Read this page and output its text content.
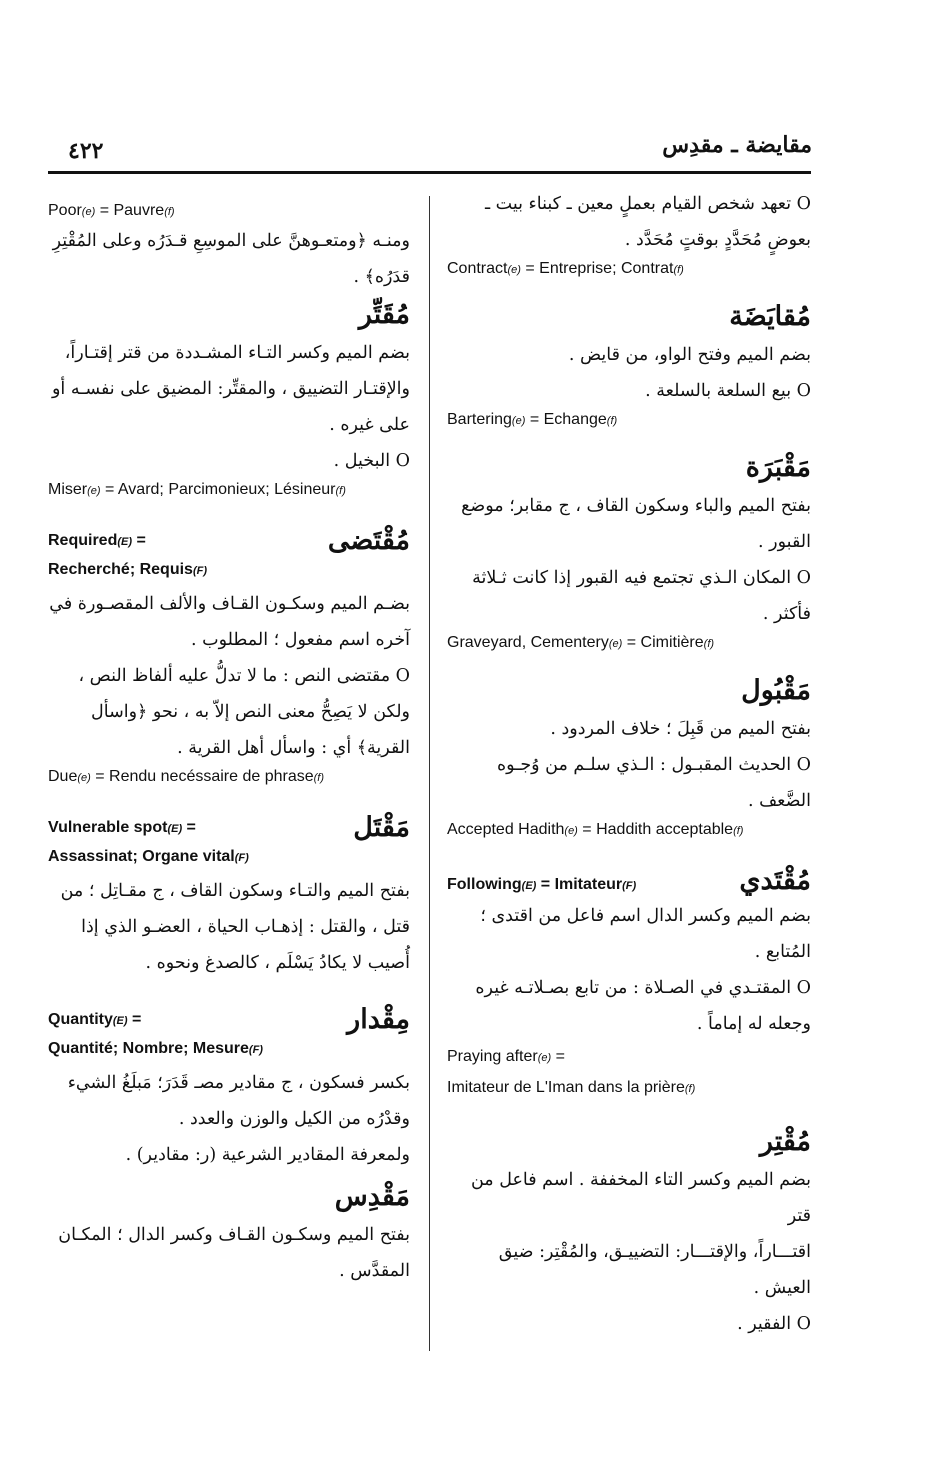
مقايضة ـ مقدِس
٤٢٢

O تعهد شخص القيام بعملٍ معين ـ كبناء بيت ـ

بعوضٍ مُحَدَّدٍ بوقتٍ مُحَدَّد .

Contract(e) = Entreprise; Contrat(f)

مُقايَضَة

بضم الميم وفتح الواو، من قايض .

O بيع السلعة بالسلعة .

Bartering(e) = Echange(f)

مَقْبَرَة

بفتح الميم والباء وسكون القاف ، ج مقابر؛ موضع

القبور .

O المكان الـذي تجتمع فيه القبور إذا كانت ثـلاثة

فأكثر .

Graveyard, Cementery(e) = Cimitière(f)

مَقْبُول

بفتح الميم من قَبِلَ ؛ خلاف المردود .

O الحديث المقبـول : الـذي سلـم من وُجـوه

الضَّعف .

Accepted Hadith(e) = Haddith acceptable(f)

Following(E) = Imitateur(F)	مُقْتَدي

بضم الميم وكسر الدال اسم فاعل من اقتدى ؛

المُتابع .

O المقتـدي في الصـلاة : من تابع بصـلاتـه غيره

وجعله له إماماً .

Praying after(e) =

Imitateur de L'Iman dans la prière(f)

مُقْتِر

بضم الميم وكسر التاء المخففة . اسم فاعل من قتر

اقتـــاراً، والإقتـــار: التضييـق، والمُقْتِر: ضيق

العيش .

O الفقير .

Poor(e) = Pauvre(f)

ومنـه ﴿ومتعـوهنَّ على الموسِعِ قـدَرُه وعلى المُقْتِرِ

قدَرُه﴾ .

مُقَتِّر

بضم الميم وكسر التـاء المشـددة من قتر إقتـاراً،

والإقتـار التضييق ، والمقتِّر: المضيق على نفسـه أو

على غيره .

O البخيل .

Miser(e) = Avard; Parcimonieux; Lésineur(f)

Required(E) =

Recherché; Requis(F)

مُقْتَضى

بضـم الميم وسكـون القـاف والألف المقصـورة في

آخره اسم مفعول ؛ المطلوب .

O مقتضى النص : ما لا تدلُّ عليه ألفاظ النص ،

ولكن لا يَصِحُّ معنى النص إلاّ به ، نحو ﴿واسأل

القرية﴾ أي : واسأل أهل القرية .

Due(e) = Rendu necéssaire de phrase(f)

Vulnerable spot(E) =

Assassinat; Organe vital(F)

مَقْتَل

بفتح الميم والتـاء وسكون القاف ، ج مقـاتِل ؛ من

قتل ، والقتل : إذهـاب الحياة ، العضـو الذي إذا

أُصيب لا يكادُ يَسْلَم ، كالصدغ ونحوه .

Quantity(E) =

Quantité; Nombre; Mesure(F)

مِقْدار

بكسر فسكون ، ج مقادير مصـ قَدَرَ؛ مَبلَغُ الشيء

وقدْرُه من الكيل والوزن والعدد .

ولمعرفة المقادير الشرعية (ر: مقادير) .

مَقْدِس

بفتح الميم وسكـون القـاف وكسر الدال ؛ المكـان

المقدَّس .
